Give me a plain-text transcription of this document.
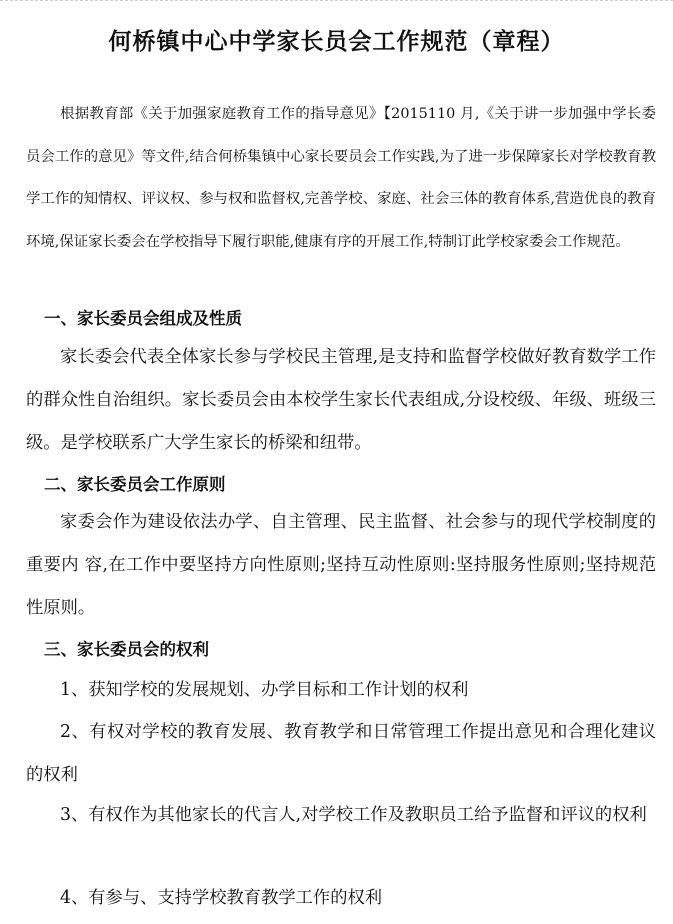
何桥镇中心中学家长员会工作规范（章程）

根据教育部《关于加强家庭教育工作的指导意见》【2015110 月,《关于讲一步加强中学长委员会工作的意见》等文件,结合何桥集镇中心家长要员会工作实践,为了进一步保障家长对学校教育教学工作的知情权、评议权、参与权和监督权,完善学校、家庭、社会三体的教育体系,营造优良的教育环境,保证家长委会在学校指导下履行职能,健康有序的开展工作,特制订此学校家委会工作规范。

一、家长委员会组成及性质

家长委会代表全体家长参与学校民主管理,是支持和监督学校做好教育数学工作的群众性自治组织。家长委员会由本校学生家长代表组成,分设校级、年级、班级三级。是学校联系广大学生家长的桥梁和纽带。

二、家长委员会工作原则

家委会作为建设依法办学、自主管理、民主监督、社会参与的现代学校制度的重要内 容,在工作中要坚持方向性原则;坚持互动性原则:坚持服务性原则;坚持规范性原则。

三、家长委员会的权利

1、获知学校的发展规划、办学目标和工作计划的权利

2、有权对学校的教育发展、教育教学和日常管理工作提出意见和合理化建议的权利

3、有权作为其他家长的代言人,对学校工作及教职员工给予监督和评议的权利

4、有参与、支持学校教育教学工作的权利
